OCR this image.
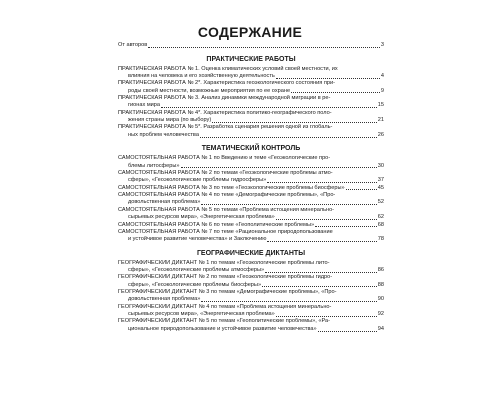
СОДЕРЖАНИЕ
От авторов	3
ПРАКТИЧЕСКИЕ РАБОТЫ
ПРАКТИЧЕСКАЯ РАБОТА № 1. Оценка климатических условий своей местности, их
влияния на человека и его хозяйственную деятельность	4
ПРАКТИЧЕСКАЯ РАБОТА № 2*. Характеристика геоэкологического состояния при-
роды своей местности, возможные мероприятия по ее охране	9
ПРАКТИЧЕСКАЯ РАБОТА № 3. Анализ динамики международной миграции в ре-
гионах мира	15
ПРАКТИЧЕСКАЯ РАБОТА № 4*. Характеристика политико-географического поло-
жения страны мира (по выбору)	21
ПРАКТИЧЕСКАЯ РАБОТА № 5*. Разработка сценария решения одной из глобаль-
ных проблем человечества	26
ТЕМАТИЧЕСКИЙ КОНТРОЛЬ
САМОСТОЯТЕЛЬНАЯ РАБОТА № 1 по Введению и теме «Геоэкологические про-
блемы литосферы»	30
САМОСТОЯТЕЛЬНАЯ РАБОТА № 2 по темам «Геоэкологические проблемы атмо-
сферы», «Геоэкологические проблемы гидросферы»	37
САМОСТОЯТЕЛЬНАЯ РАБОТА № 3 по теме «Геоэкологические проблемы биосферы»	45
САМОСТОЯТЕЛЬНАЯ РАБОТА № 4 по теме «Демографические проблемы», «Про-
довольственная проблема»	52
САМОСТОЯТЕЛЬНАЯ РАБОТА № 5 по темам «Проблема истощения минерально-
сырьевых ресурсов мира», «Энергетическая проблема»	62
САМОСТОЯТЕЛЬНАЯ РАБОТА № 6 по теме «Геополитические проблемы»	68
САМОСТОЯТЕЛЬНАЯ РАБОТА № 7 по теме «Рациональное природопользование
и устойчивое развитие человечества» и Заключению	78
ГЕОГРАФИЧЕСКИЕ ДИКТАНТЫ
ГЕОГРАФИЧЕСКИЙ ДИКТАНТ № 1 по темам «Геоэкологические проблемы лито-
сферы», «Геоэкологические проблемы атмосферы»	86
ГЕОГРАФИЧЕСКИЙ ДИКТАНТ № 2 по темам «Геоэкологические проблемы гидро-
сферы», «Геоэкологические проблемы биосферы»	88
ГЕОГРАФИЧЕСКИЙ ДИКТАНТ № 3 по темам «Демографические проблемы», «Про-
довольственная проблема»	90
ГЕОГРАФИЧЕСКИЙ ДИКТАНТ № 4 по темам «Проблема истощения минерально-
сырьевых ресурсов мира», «Энергетическая проблема»	92
ГЕОГРАФИЧЕСКИЙ ДИКТАНТ № 5 по темам «Геополитические проблемы», «Ра-
циональное природопользование и устойчивое развитие человечества»	94
